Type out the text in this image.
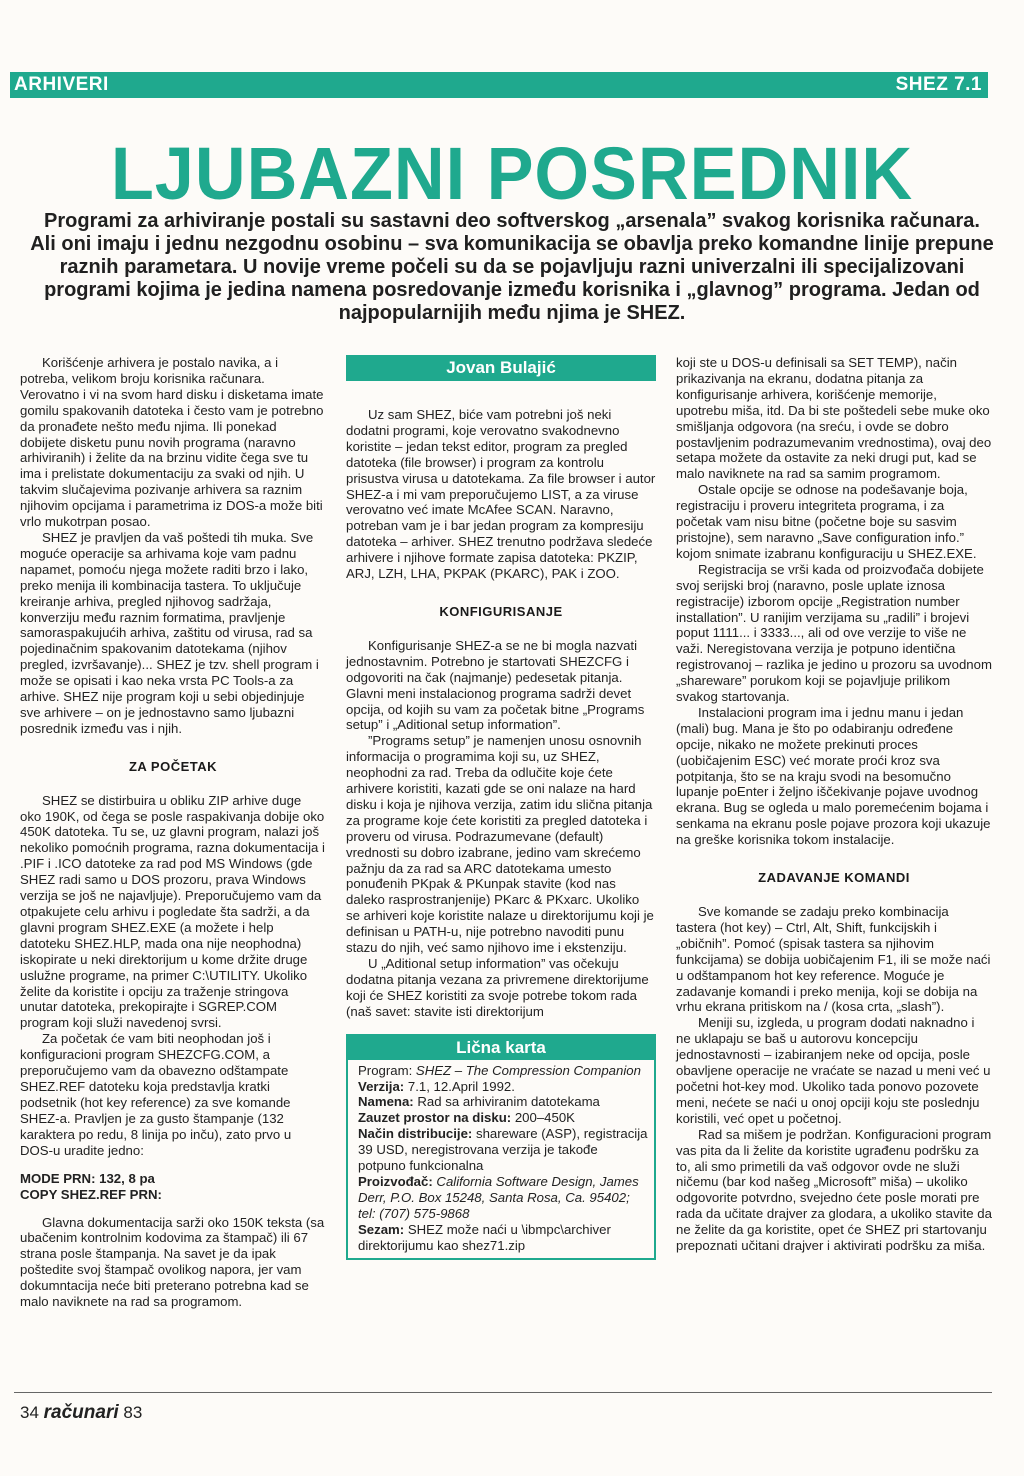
ARHIVERI	SHEZ 7.1
LJUBAZNI POSREDNIK
Programi za arhiviranje postali su sastavni deo softverskog „arsenala” svakog korisnika računara. Ali oni imaju i jednu nezgodnu osobinu – sva komunikacija se obavlja preko komandne linije prepune raznih parametara. U novije vreme počeli su da se pojavljuju razni univerzalni ili specijalizovani programi kojima je jedina namena posredovanje između korisnika i „glavnog” programa. Jedan od najpopularnijih među njima je SHEZ.

Korišćenje arhivera je postalo navika, a i potreba, velikom broju korisnika računara. Verovatno i vi na svom hard disku i disketama imate gomilu spakovanih datoteka i često vam je potrebno da pronađete nešto među njima. Ili ponekad dobijete disketu punu novih programa (naravno arhiviranih) i želite da na brzinu vidite čega sve tu ima i prelistate dokumentaciju za svaki od njih. U takvim slučajevima pozivanje arhivera sa raznim njihovim opcijama i parametrima iz DOS-a može biti vrlo mukotrpan posao.

SHEZ je pravljen da vaš poštedi tih muka. Sve moguće operacije sa arhivama koje vam padnu napamet, pomoću njega možete raditi brzo i lako, preko menija ili kombinacija tastera. To uključuje kreiranje arhiva, pregled njihovog sadržaja, konverziju među raznim formatima, pravljenje samoraspakujućih arhiva, zaštitu od virusa, rad sa pojedinačnim spakovanim datotekama (njihov pregled, izvršavanje)... SHEZ je tzv. shell program i može se opisati i kao neka vrsta PC Tools-a za arhive. SHEZ nije program koji u sebi objedinjuje sve arhivere – on je jednostavno samo ljubazni posrednik između vas i njih.

ZA POČETAK

SHEZ se distirbuira u obliku ZIP arhive duge oko 190K, od čega se posle raspakivanja dobije oko 450K datoteka. Tu se, uz glavni program, nalazi još nekoliko pomoćnih programa, razna dokumentacija i .PIF i .ICO datoteke za rad pod MS Windows (gde SHEZ radi samo u DOS prozoru, prava Windows verzija se još ne najavljuje). Preporučujemo vam da otpakujete celu arhivu i pogledate šta sadrži, a da glavni program SHEZ.EXE (a možete i help datoteku SHEZ.HLP, mada ona nije neophodna) iskopirate u neki direktorijum u kome držite druge uslužne programe, na primer C:\UTILITY. Ukoliko želite da koristite i opciju za traženje stringova unutar datoteka, prekopirajte i SGREP.COM program koji služi navedenoj svrsi.

Za početak će vam biti neophodan još i konfiguracioni program SHEZCFG.COM, a preporučujemo vam da obavezno odštampate SHEZ.REF datoteku koja predstavlja kratki podsetnik (hot key reference) za sve komande SHEZ-a. Pravljen je za gusto štampanje (132 karaktera po redu, 8 linija po inču), zato prvo u DOS-u uradite jedno:

MODE PRN: 132, 8 pa
COPY SHEZ.REF PRN:

Glavna dokumentacija sarži oko 150K teksta (sa ubačenim kontrolnim kodovima za štampač) ili 67 strana posle štampanja. Na savet je da ipak poštedite svoj štampač ovolikog napora, jer vam dokumntacija neće biti preterano potrebna kad se malo naviknete na rad sa programom.

Jovan Bulajić

Uz sam SHEZ, biće vam potrebni još neki dodatni programi, koje verovatno svakodnevno koristite – jedan tekst editor, program za pregled datoteka (file browser) i program za kontrolu prisustva virusa u datotekama. Za file browser i autor SHEZ-a i mi vam preporučujemo LIST, a za viruse verovatno već imate McAfee SCAN. Naravno, potreban vam je i bar jedan program za kompresiju datoteka – arhiver. SHEZ trenutno podržava sledeće arhivere i njihove formate zapisa datoteka: PKZIP, ARJ, LZH, LHA, PKPAK (PKARC), PAK i ZOO.

KONFIGURISANJE

Konfigurisanje SHEZ-a se ne bi mogla nazvati jednostavnim. Potrebno je startovati SHEZCFG i odgovoriti na čak (najmanje) pedesetak pitanja. Glavni meni instalacionog programa sadrži devet opcija, od kojih su vam za početak bitne „Programs setup” i „Aditional setup information”.

”Programs setup” je namenjen unosu osnovnih informacija o programima koji su, uz SHEZ, neophodni za rad. Treba da odlučite koje ćete arhivere koristiti, kazati gde se oni nalaze na hard disku i koja je njihova verzija, zatim idu slična pitanja za programe koje ćete koristiti za pregled datoteka i proveru od virusa. Podrazumevane (default) vrednosti su dobro izabrane, jedino vam skrećemo pažnju da za rad sa ARC datotekama umesto ponuđenih PKpak & PKunpak stavite (kod nas daleko rasprostranjenije) PKarc & PKxarc. Ukoliko se arhiveri koje koristite nalaze u direktorijumu koji je definisan u PATH-u, nije potrebno navoditi punu stazu do njih, već samo njihovo ime i ekstenziju.

U „Aditional setup information” vas očekuju dodatna pitanja vezana za privremene direktorijume koji će SHEZ koristiti za svoje potrebe tokom rada (naš savet: stavite isti direktorijum

Lična karta
Program: SHEZ – The Compression Companion
Verzija: 7.1, 12.April 1992.
Namena: Rad sa arhiviranim datotekama
Zauzet prostor na disku: 200–450K
Način distribucije: shareware (ASP), registracija 39 USD, neregistrovana verzija je takođe potpuno funkcionalna
Proizvođač: California Software Design, James Derr, P.O. Box 15248, Santa Rosa, Ca. 95402; tel: (707) 575-9868
Sezam: SHEZ može naći u \ibmpc\archiver direktorijumu kao shez71.zip

koji ste u DOS-u definisali sa SET TEMP), način prikazivanja na ekranu, dodatna pitanja za konfigurisanje arhivera, korišćenje memorije, upotrebu miša, itd. Da bi ste poštedeli sebe muke oko smišljanja odgovora (na sreću, i ovde se dobro postavljenim podrazumevanim vrednostima), ovaj deo setapa možete da ostavite za neki drugi put, kad se malo naviknete na rad sa samim programom.

Ostale opcije se odnose na podešavanje boja, registraciju i proveru integriteta programa, i za početak vam nisu bitne (početne boje su sasvim pristojne), sem naravno „Save configuration info.” kojom snimate izabranu konfiguraciju u SHEZ.EXE.

Registracija se vrši kada od proizvođača dobijete svoj serijski broj (naravno, posle uplate iznosa registracije) izborom opcije „Registration number installation”. U ranijim verzijama su „radili” i brojevi poput 1111... i 3333..., ali od ove verzije to više ne važi. Neregistovana verzija je potpuno identična registrovanoj – razlika je jedino u prozoru sa uvodnom „shareware” porukom koji se pojavljuje prilikom svakog startovanja.

Instalacioni program ima i jednu manu i jedan (mali) bug. Mana je što po odabiranju određene opcije, nikako ne možete prekinuti proces (uobičajenim ESC) već morate proći kroz sva potpitanja, što se na kraju svodi na besomučno lupanje poEnter i željno iščekivanje pojave uvodnog ekrana. Bug se ogleda u malo poremećenim bojama i senkama na ekranu posle pojave prozora koji ukazuje na greške korisnika tokom instalacije.

ZADAVANJE KOMANDI

Sve komande se zadaju preko kombinacija tastera (hot key) – Ctrl, Alt, Shift, funkcijskih i „običnih”. Pomoć (spisak tastera sa njihovim funkcijama) se dobija uobičajenim F1, ili se može naći u odštampanom hot key reference. Moguće je zadavanje komandi i preko menija, koji se dobija na vrhu ekrana pritiskom na / (kosa crta, „slash”).

Meniji su, izgleda, u program dodati naknadno i ne uklapaju se baš u autorovu koncepciju jednostavnosti – izabiranjem neke od opcija, posle obavljene operacije ne vraćate se nazad u meni već u početni hot-key mod. Ukoliko tada ponovo pozovete meni, nećete se naći u onoj opciji koju ste poslednju koristili, već opet u početnoj.

Rad sa mišem je podržan. Konfiguracioni program vas pita da li želite da koristite ugrađenu podršku za to, ali smo primetili da vaš odgovor ovde ne služi ničemu (bar kod našeg „Microsoft” miša) – ukoliko odgovorite potvrdno, svejedno ćete posle morati pre rada da učitate drajver za glodara, a ukoliko stavite da ne želite da ga koristite, opet će SHEZ pri startovanju prepoznati učitani drajver i aktivirati podršku za miša.

34 računari 83
